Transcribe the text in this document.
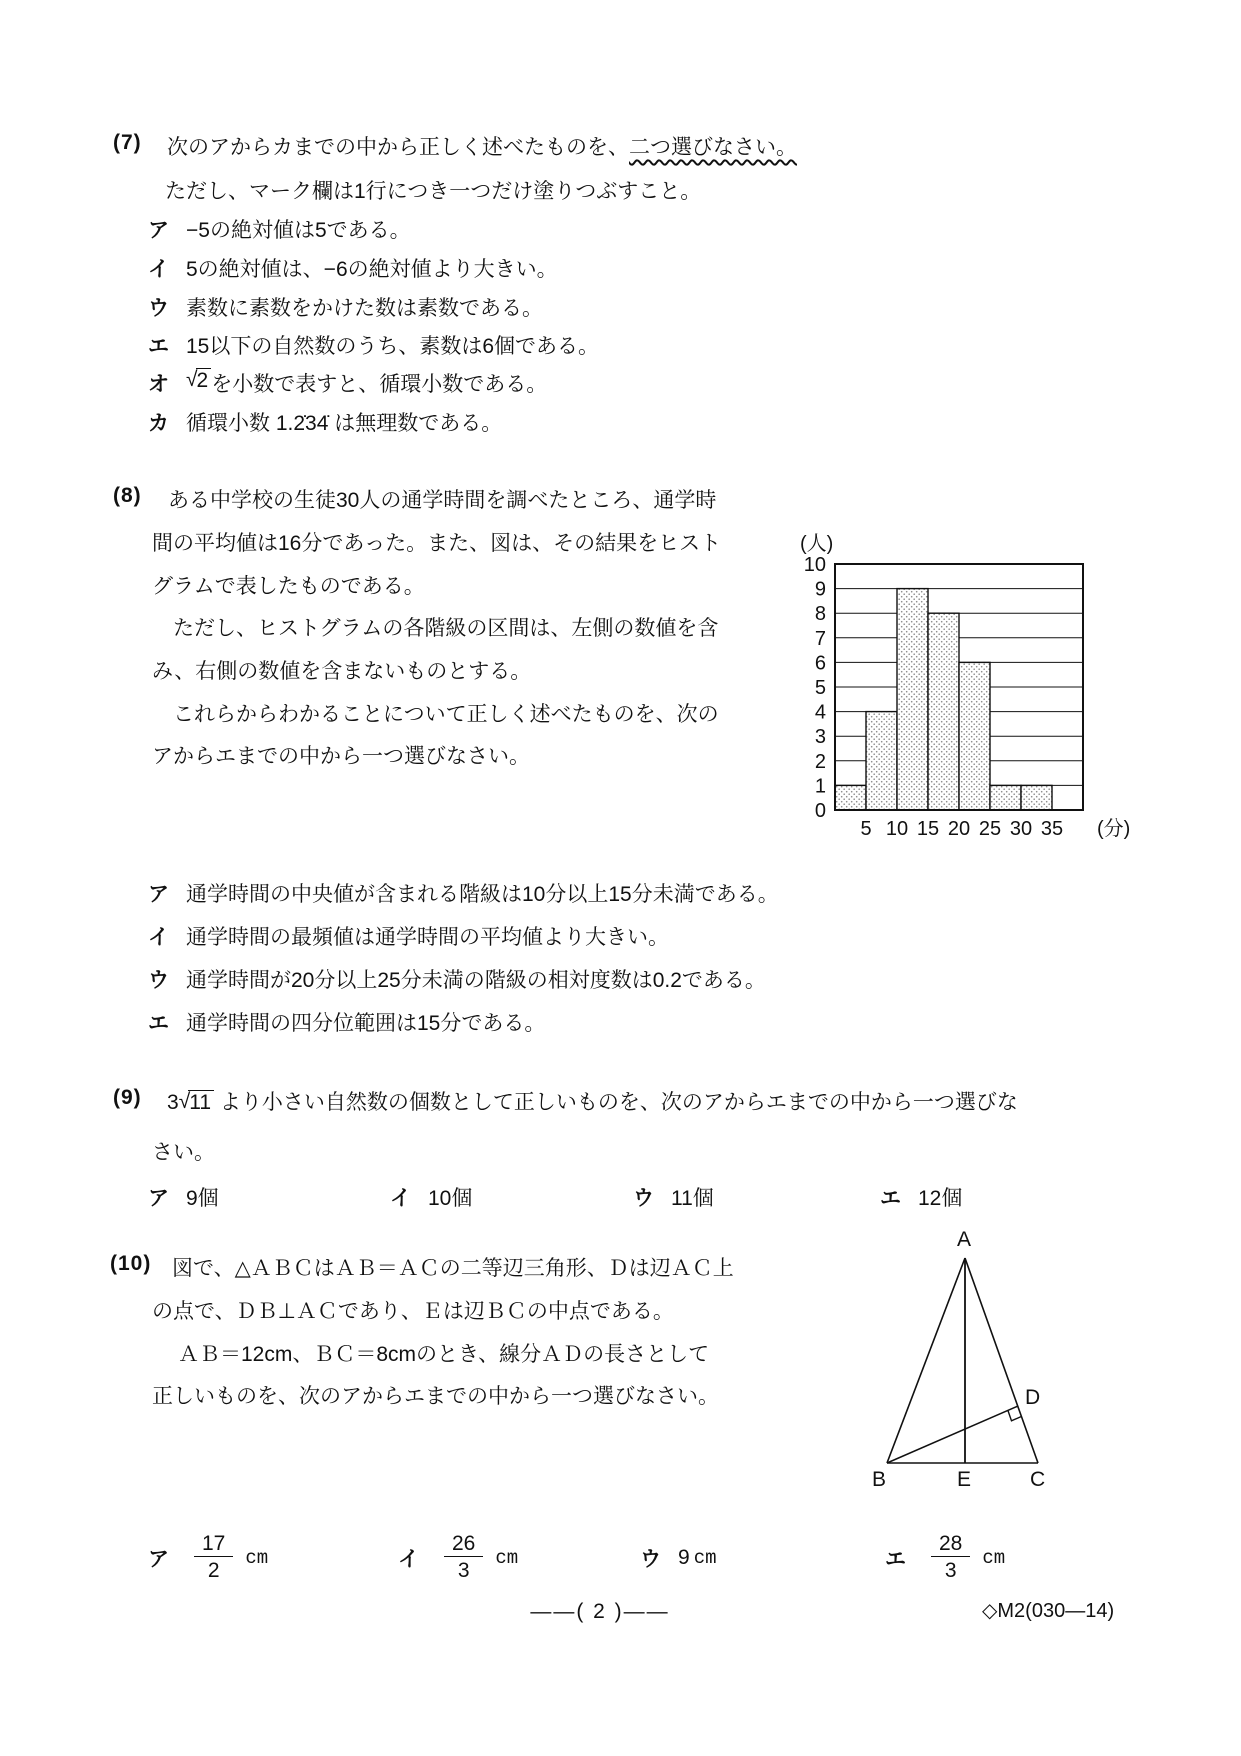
(7) 次のアからカまでの中から正しく述べたものを、二つ選びなさい。
ただし、マーク欄は1行につき一つだけ塗りつぶすこと。
ア −5の絶対値は5である。
イ 5の絶対値は、−6の絶対値より大きい。
ウ 素数に素数をかけた数は素数である。
エ 15以下の自然数のうち、素数は6個である。
オ √2 を小数で表すと、循環小数である。
カ 循環小数 1.2̇34̇ は無理数である。
(8) ある中学校の生徒30人の通学時間を調べたところ、通学時
間の平均値は16分であった。また、図は、その結果をヒスト
グラムで表したものである。
ただし、ヒストグラムの各階級の区間は、左側の数値を含
み、右側の数値を含まないものとする。
これらからわかることについて正しく述べたものを、次の
アからエまでの中から一つ選びなさい。
0
1
2
3
4
5
6
7
8
9
10
5 10 15 20 25 30 35
(人)
(分)
ア 通学時間の中央値が含まれる階級は10分以上15分未満である。
イ 通学時間の最頻値は通学時間の平均値より大きい。
ウ 通学時間が20分以上25分未満の階級の相対度数は0.2である。
エ 通学時間の四分位範囲は15分である。
(9) 3√11 より小さい自然数の個数として正しいものを、次のアからエまでの中から一つ選びな
さい。
ア 9個	イ 10個	ウ 11個	エ 12個
(10) 図で、△ＡＢＣはＡＢ＝ＡＣの二等辺三角形、Ｄは辺ＡＣ上
の点で、ＤＢ⊥ＡＣであり、Ｅは辺ＢＣの中点である。
ＡＢ＝12cm、ＢＣ＝8cmのとき、線分ＡＤの長さとして
正しいものを、次のアからエまでの中から一つ選びなさい。
A
B	C
D
E
ア	$\frac{17}{2}$ cm	イ	$\frac{26}{3}$ cm	ウ 9 cm	エ	$\frac{28}{3}$ cm
——( 2 )——	◇M2(030—14)
